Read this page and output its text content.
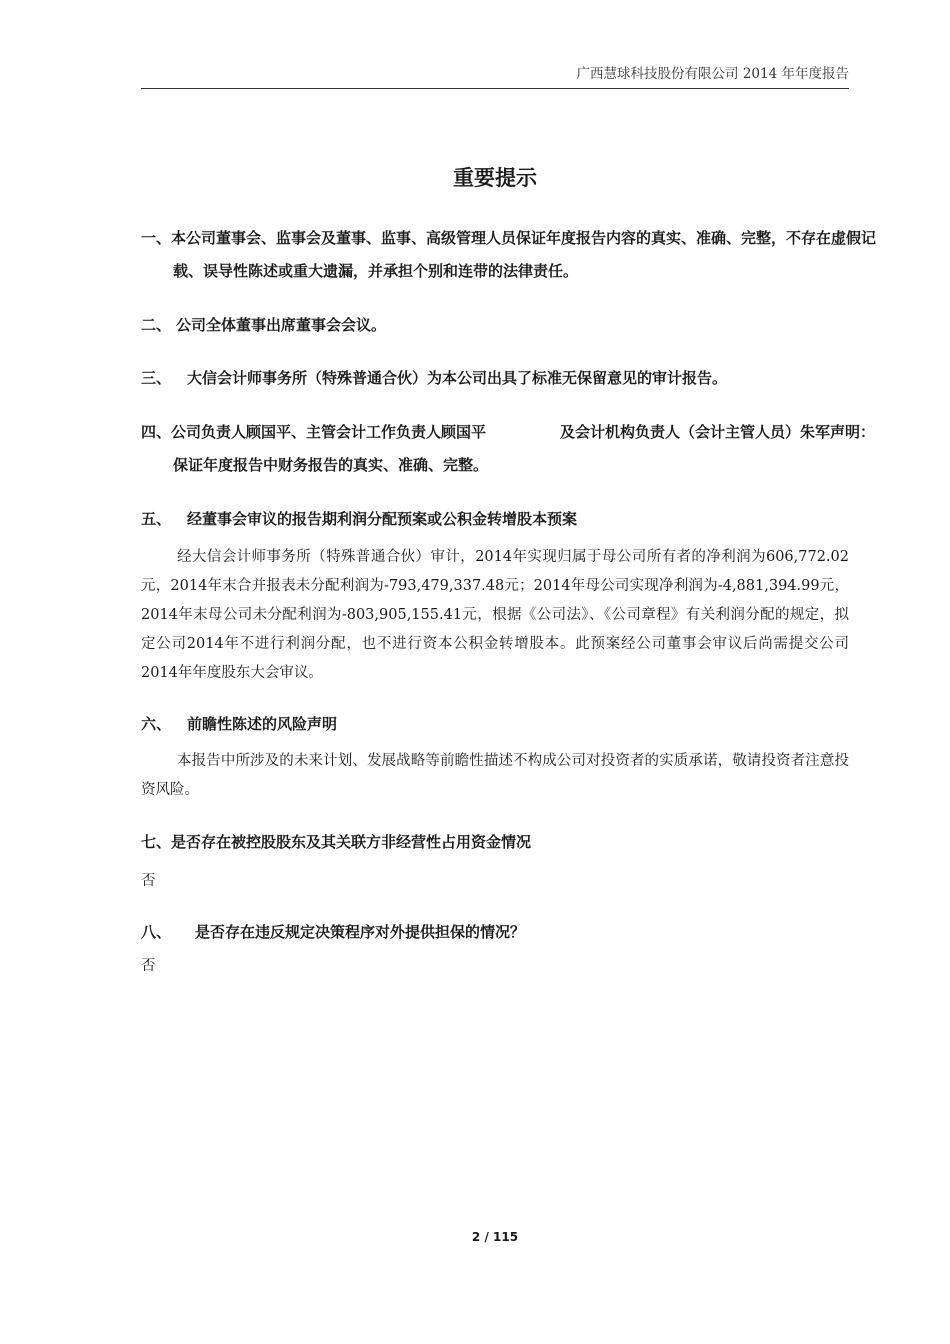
广西慧球科技股份有限公司 2014 年年度报告
重要提示
一、本公司董事会、监事会及董事、监事、高级管理人员保证年度报告内容的真实、准确、完整，不存在虚假记载、误导性陈述或重大遗漏，并承担个别和连带的法律责任。
二、 公司全体董事出席董事会会议。
三、 大信会计师事务所（特殊普通合伙）为本公司出具了标准无保留意见的审计报告。
四、公司负责人顾国平、主管会计工作负责人顾国平	及会计机构负责人（会计主管人员）朱军声明：保证年度报告中财务报告的真实、准确、完整。
五、 经董事会审议的报告期利润分配预案或公积金转增股本预案
经大信会计师事务所（特殊普通合伙）审计，2014年实现归属于母公司所有者的净利润为606,772.02元，2014年末合并报表未分配利润为-793,479,337.48元；2014年母公司实现净利润为-4,881,394.99元，2014年末母公司未分配利润为-803,905,155.41元，根据《公司法》、《公司章程》有关利润分配的规定，拟定公司2014年不进行利润分配，也不进行资本公积金转增股本。此预案经公司董事会审议后尚需提交公司2014年年度股东大会审议。
六、 前瞻性陈述的风险声明
本报告中所涉及的未来计划、发展战略等前瞻性描述不构成公司对投资者的实质承诺，敬请投资者注意投资风险。
七、是否存在被控股股东及其关联方非经营性占用资金情况
否
八、 是否存在违反规定决策程序对外提供担保的情况？
否
2 / 115
